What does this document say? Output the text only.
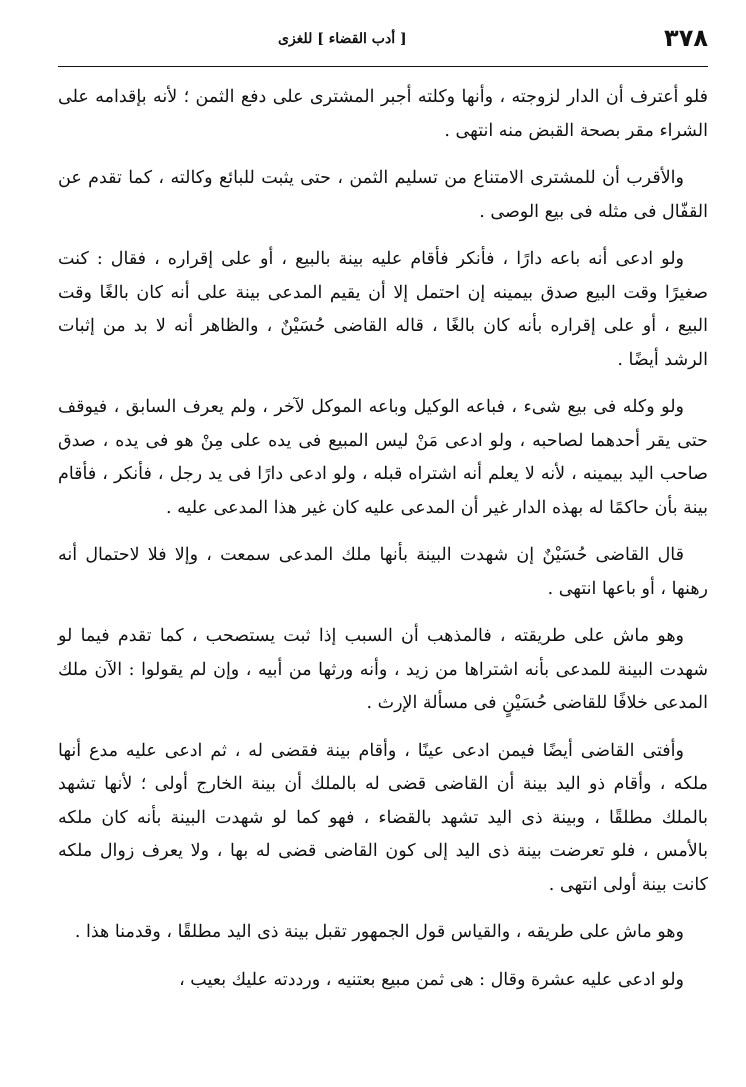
٣٧٨
[ أدب القضاء ] للغزى

فلو أعترف أن الدار لزوجته ، وأنها وكلته أجبر المشترى على دفع الثمن ؛ لأنه بإقدامه على الشراء مقر بصحة القبض منه انتهى .

والأقرب أن للمشترى الامتناع من تسليم الثمن ، حتى يثبت للبائع وكالته ، كما تقدم عن القفّال فى مثله فى بيع الوصى .

ولو ادعى أنه باعه دارًا ، فأنكر فأقام عليه بينة بالبيع ، أو على إقراره ، فقال : كنت صغيرًا وقت البيع صدق بيمينه إن احتمل إلا أن يقيم المدعى بينة على أنه كان بالغًا وقت البيع ، أو على إقراره بأنه كان بالغًا ، قاله القاضى حُسَيْنٌ ، والظاهر أنه لا بد من إثبات الرشد أيضًا .

ولو وكله فى بيع شىء ، فباعه الوكيل وباعه الموكل لآخر ، ولم يعرف السابق ، فيوقف حتى يقر أحدهما لصاحبه ، ولو ادعى مَنْ ليس المبيع فى يده على مِنْ هو فى يده ، صدق صاحب اليد بيمينه ، لأنه لا يعلم أنه اشتراه قبله ، ولو ادعى دارًا فى يد رجل ، فأنكر ، فأقام بينة بأن حاكمًا له بهذه الدار غير أن المدعى عليه كان غير هذا المدعى عليه .

قال القاضى حُسَيْنٌ إن شهدت البينة بأنها ملك المدعى سمعت ، وإلا فلا لاحتمال أنه رهنها ، أو باعها انتهى .

وهو ماش على طريقته ، فالمذهب أن السبب إذا ثبت يستصحب ، كما تقدم فيما لو شهدت البينة للمدعى بأنه اشتراها من زيد ، وأنه ورثها من أبيه ، وإن لم يقولوا : الآن ملك المدعى خلافًا للقاضى حُسَيْنٍ فى مسألة الإرث .

وأفتى القاضى أيضًا فيمن ادعى عينًا ، وأقام بينة فقضى له ، ثم ادعى عليه مدع أنها ملكه ، وأقام ذو اليد بينة أن القاضى قضى له بالملك أن بينة الخارج أولى ؛ لأنها تشهد بالملك مطلقًا ، وبينة ذى اليد تشهد بالقضاء ، فهو كما لو شهدت البينة بأنه كان ملكه بالأمس ، فلو تعرضت بينة ذى اليد إلى كون القاضى قضى له بها ، ولا يعرف زوال ملكه كانت بينة أولى انتهى .

وهو ماش على طريقه ، والقياس قول الجمهور تقبل بينة ذى اليد مطلقًا ، وقدمنا هذا .

ولو ادعى عليه عشرة وقال : هى ثمن مبيع بعتنيه ، ورددته عليك بعيب ،
